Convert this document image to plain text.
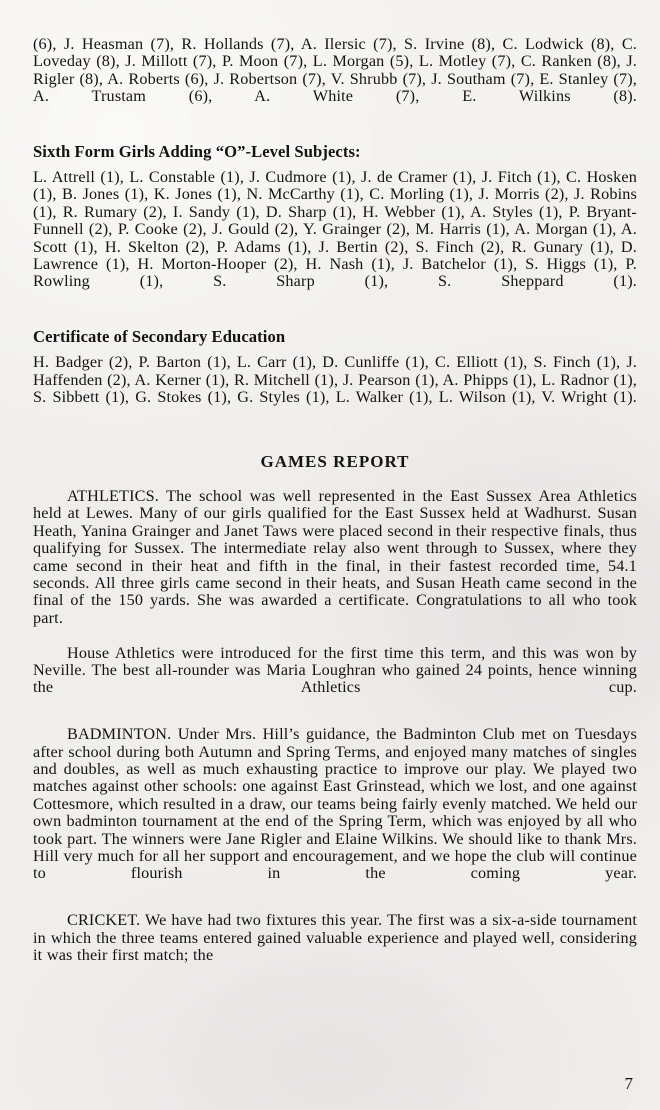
(6), J. Heasman (7), R. Hollands (7), A. Ilersic (7), S. Irvine (8), C. Lodwick (8), C. Loveday (8), J. Millott (7), P. Moon (7), L. Morgan (5), L. Motley (7), C. Ranken (8), J. Rigler (8), A. Roberts (6), J. Robertson (7), V. Shrubb (7), J. Southam (7), E. Stanley (7), A. Trustam (6), A. White (7), E. Wilkins (8).

Sixth Form Girls Adding “O”-Level Subjects:

L. Attrell (1), L. Constable (1), J. Cudmore (1), J. de Cramer (1), J. Fitch (1), C. Hosken (1), B. Jones (1), K. Jones (1), N. McCarthy (1), C. Morling (1), J. Morris (2), J. Robins (1), R. Rumary (2), I. Sandy (1), D. Sharp (1), H. Webber (1), A. Styles (1), P. Bryant-Funnell (2), P. Cooke (2), J. Gould (2), Y. Grainger (2), M. Harris (1), A. Morgan (1), A. Scott (1), H. Skelton (2), P. Adams (1), J. Bertin (2), S. Finch (2), R. Gunary (1), D. Lawrence (1), H. Morton-Hooper (2), H. Nash (1), J. Batchelor (1), S. Higgs (1), P. Rowling (1), S. Sharp (1), S. Sheppard (1).

Certificate of Secondary Education

H. Badger (2), P. Barton (1), L. Carr (1), D. Cunliffe (1), C. Elliott (1), S. Finch (1), J. Haffenden (2), A. Kerner (1), R. Mitchell (1), J. Pearson (1), A. Phipps (1), L. Radnor (1), S. Sibbett (1), G. Stokes (1), G. Styles (1), L. Walker (1), L. Wilson (1), V. Wright (1).

GAMES REPORT

ATHLETICS. The school was well represented in the East Sussex Area Athletics held at Lewes. Many of our girls qualified for the East Sussex held at Wadhurst. Susan Heath, Yanina Grainger and Janet Taws were placed second in their respective finals, thus qualifying for Sussex. The intermediate relay also went through to Sussex, where they came second in their heat and fifth in the final, in their fastest recorded time, 54.1 seconds. All three girls came second in their heats, and Susan Heath came second in the final of the 150 yards. She was awarded a certificate. Congratulations to all who took part.

House Athletics were introduced for the first time this term, and this was won by Neville. The best all-rounder was Maria Loughran who gained 24 points, hence winning the Athletics cup.

BADMINTON. Under Mrs. Hill’s guidance, the Badminton Club met on Tuesdays after school during both Autumn and Spring Terms, and enjoyed many matches of singles and doubles, as well as much exhausting practice to improve our play. We played two matches against other schools: one against East Grinstead, which we lost, and one against Cottesmore, which resulted in a draw, our teams being fairly evenly matched. We held our own badminton tournament at the end of the Spring Term, which was enjoyed by all who took part. The winners were Jane Rigler and Elaine Wilkins. We should like to thank Mrs. Hill very much for all her support and encouragement, and we hope the club will continue to flourish in the coming year.

CRICKET. We have had two fixtures this year. The first was a six-a-side tournament in which the three teams entered gained valuable experience and played well, considering it was their first match; the

7
